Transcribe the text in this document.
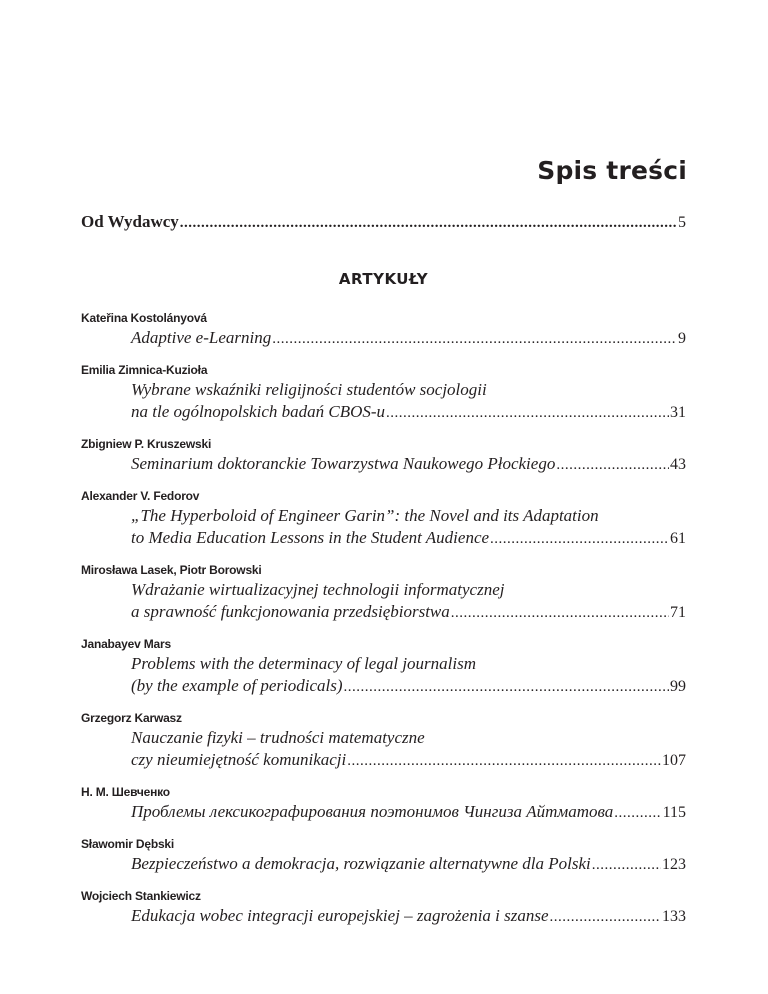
Spis treści
Od Wydawcy .....	5
ARTYKUŁY
Kateřina Kostolányová
Adaptive e-Learning .....	9
Emilia Zimnica-Kuzioła
Wybrane wskaźniki religijności studentów socjologii
na tle ogólnopolskich badań CBOS-u .....	31
Zbigniew P. Kruszewski
Seminarium doktoranckie Towarzystwa Naukowego Płockiego .....	43
Alexander V. Fedorov
„The Hyperboloid of Engineer Garin”: the Novel and its Adaptation
to Media Education Lessons in the Student Audience .....	61
Mirosława Lasek, Piotr Borowski
Wdrażanie wirtualizacyjnej technologii informatycznej
a sprawność funkcjonowania przedsiębiorstwa .....	71
Janabayev Mars
Problems with the determinacy of legal journalism
(by the example of periodicals) .....	99
Grzegorz Karwasz
Nauczanie fizyki – trudności matematyczne
czy nieumiejętność komunikacji .....	107
Н. М. Шевченко
Проблемы лексикографирования поэтонимов Чингиза Айтматова .....	115
Sławomir Dębski
Bezpieczeństwo a demokracja, rozwiązanie alternatywne dla Polski .....	123
Wojciech Stankiewicz
Edukacja wobec integracji europejskiej – zagrożenia i szanse .....	133
